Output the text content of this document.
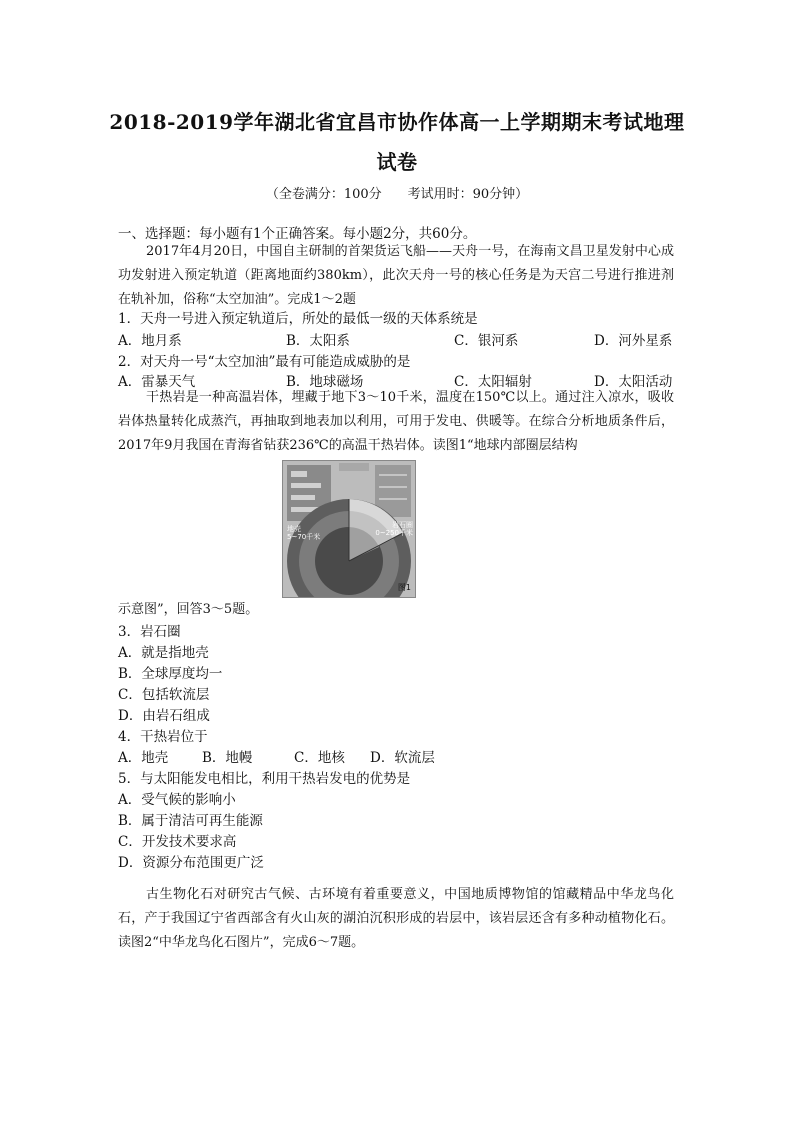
2018-2019学年湖北省宜昌市协作体高一上学期期末考试地理
试卷
（全卷满分：100分　　考试用时：90分钟）
一、选择题：每小题有1个正确答案。每小题2分，共60分。
2017年4月20日，中国自主研制的首架货运飞船——天舟一号，在海南文昌卫星发射中心成功发射进入预定轨道（距离地面约380km），此次天舟一号的核心任务是为天宫二号进行推进剂在轨补加，俗称“太空加油”。完成1～2题
1．天舟一号进入预定轨道后，所处的最低一级的天体系统是
A．地月系	B．太阳系	C．银河系	D．河外星系
2．对天舟一号“太空加油”最有可能造成威胁的是
A．雷暴天气	B．地球磁场	C．太阳辐射	D．太阳活动
干热岩是一种高温岩体，埋藏于地下3～10千米，温度在150℃以上。通过注入凉水，吸收岩体热量转化成蒸汽，再抽取到地表加以利用，可用于发电、供暖等。在综合分析地质条件后，2017年9月我国在青海省钻获236℃的高温干热岩体。读图1“地球内部圈层结构
地壳
5~70千米
岩石圈
0~250千米
图1
示意图”，回答3～5题。
3．岩石圈
A．就是指地壳
B．全球厚度均一
C．包括软流层
D．由岩石组成
4．干热岩位于
A．地壳	B．地幔	C．地核 D．软流层
5．与太阳能发电相比，利用干热岩发电的优势是
A．受气候的影响小
B．属于清洁可再生能源
C．开发技术要求高
D．资源分布范围更广泛
古生物化石对研究古气候、古环境有着重要意义，中国地质博物馆的馆藏精品中华龙鸟化石，产于我国辽宁省西部含有火山灰的湖泊沉积形成的岩层中，该岩层还含有多种动植物化石。读图2“中华龙鸟化石图片”，完成6～7题。
